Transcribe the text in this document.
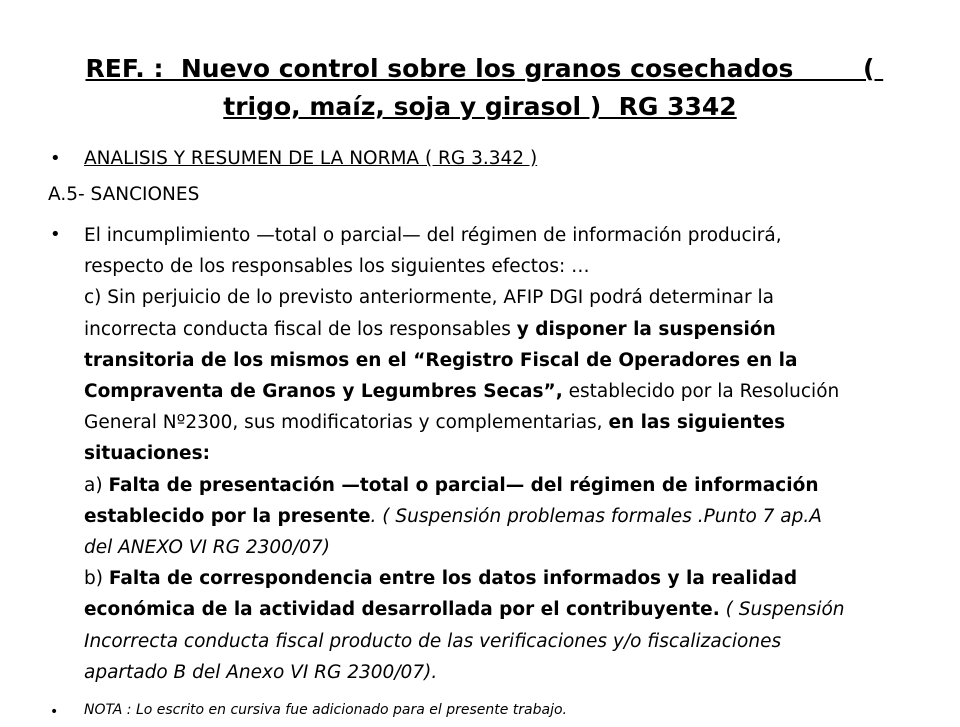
REF. :  Nuevo control sobre los granos cosechados        ( trigo, maíz, soja y girasol )  RG 3342
• ANALISIS Y RESUMEN DE LA NORMA ( RG 3.342 )
A.5- SANCIONES
• El incumplimiento —total o parcial— del régimen de información producirá,
respecto de los responsables los siguientes efectos: …
c) Sin perjuicio de lo previsto anteriormente, AFIP DGI podrá determinar la
incorrecta conducta fiscal de los responsables y disponer la suspensión
transitoria de los mismos en el “Registro Fiscal de Operadores en la
Compraventa de Granos y Legumbres Secas”, establecido por la Resolución
General Nº2300, sus modificatorias y complementarias, en las siguientes
situaciones:
a) Falta de presentación —total o parcial— del régimen de información
establecido por la presente. ( Suspensión problemas formales .Punto 7 ap.A
del ANEXO VI RG 2300/07)
b) Falta de correspondencia entre los datos informados y la realidad
económica de la actividad desarrollada por el contribuyente. ( Suspensión
Incorrecta conducta fiscal producto de las verificaciones y/o fiscalizaciones
apartado B del Anexo VI RG 2300/07).
• NOTA : Lo escrito en cursiva fue adicionado para el presente trabajo.
